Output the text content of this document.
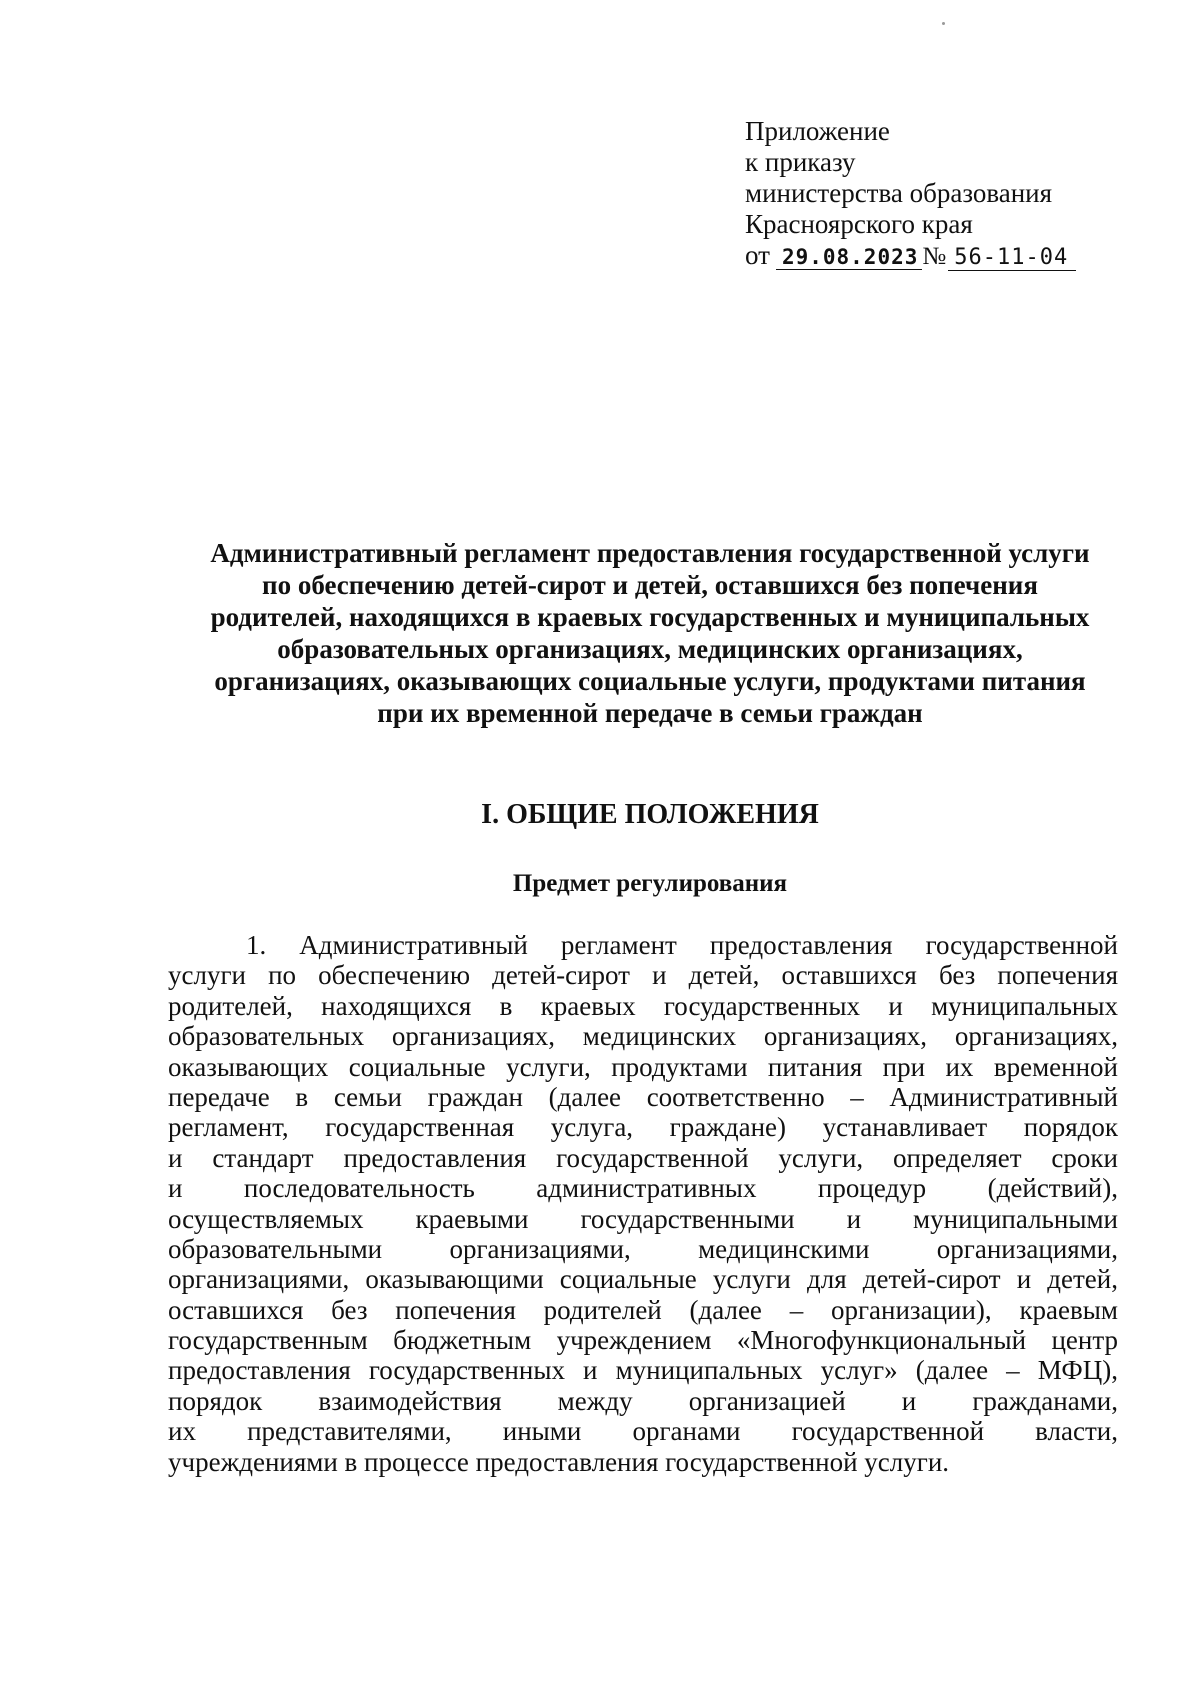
Приложение
к приказу
министерства образования
Красноярского края
от 29.08.2023 № 56-11-04
Административный регламент предоставления государственной услуги
по обеспечению детей-сирот и детей, оставшихся без попечения
родителей, находящихся в краевых государственных и муниципальных
образовательных организациях, медицинских организациях,
организациях, оказывающих социальные услуги, продуктами питания
при их временной передаче в семьи граждан
I. ОБЩИЕ ПОЛОЖЕНИЯ
Предмет регулирования
1. Административный регламент предоставления государственной
услуги по обеспечению детей-сирот и детей, оставшихся без попечения
родителей, находящихся в краевых государственных и муниципальных
образовательных организациях, медицинских организациях, организациях,
оказывающих социальные услуги, продуктами питания при их временной
передаче в семьи граждан (далее соответственно – Административный
регламент, государственная услуга, граждане) устанавливает порядок
и стандарт предоставления государственной услуги, определяет сроки
и последовательность административных процедур (действий),
осуществляемых краевыми государственными и муниципальными
образовательными организациями, медицинскими организациями,
организациями, оказывающими социальные услуги для детей-сирот и детей,
оставшихся без попечения родителей (далее – организации), краевым
государственным бюджетным учреждением «Многофункциональный центр
предоставления государственных и муниципальных услуг» (далее – МФЦ),
порядок взаимодействия между организацией и гражданами,
их представителями, иными органами государственной власти,
учреждениями в процессе предоставления государственной услуги.
